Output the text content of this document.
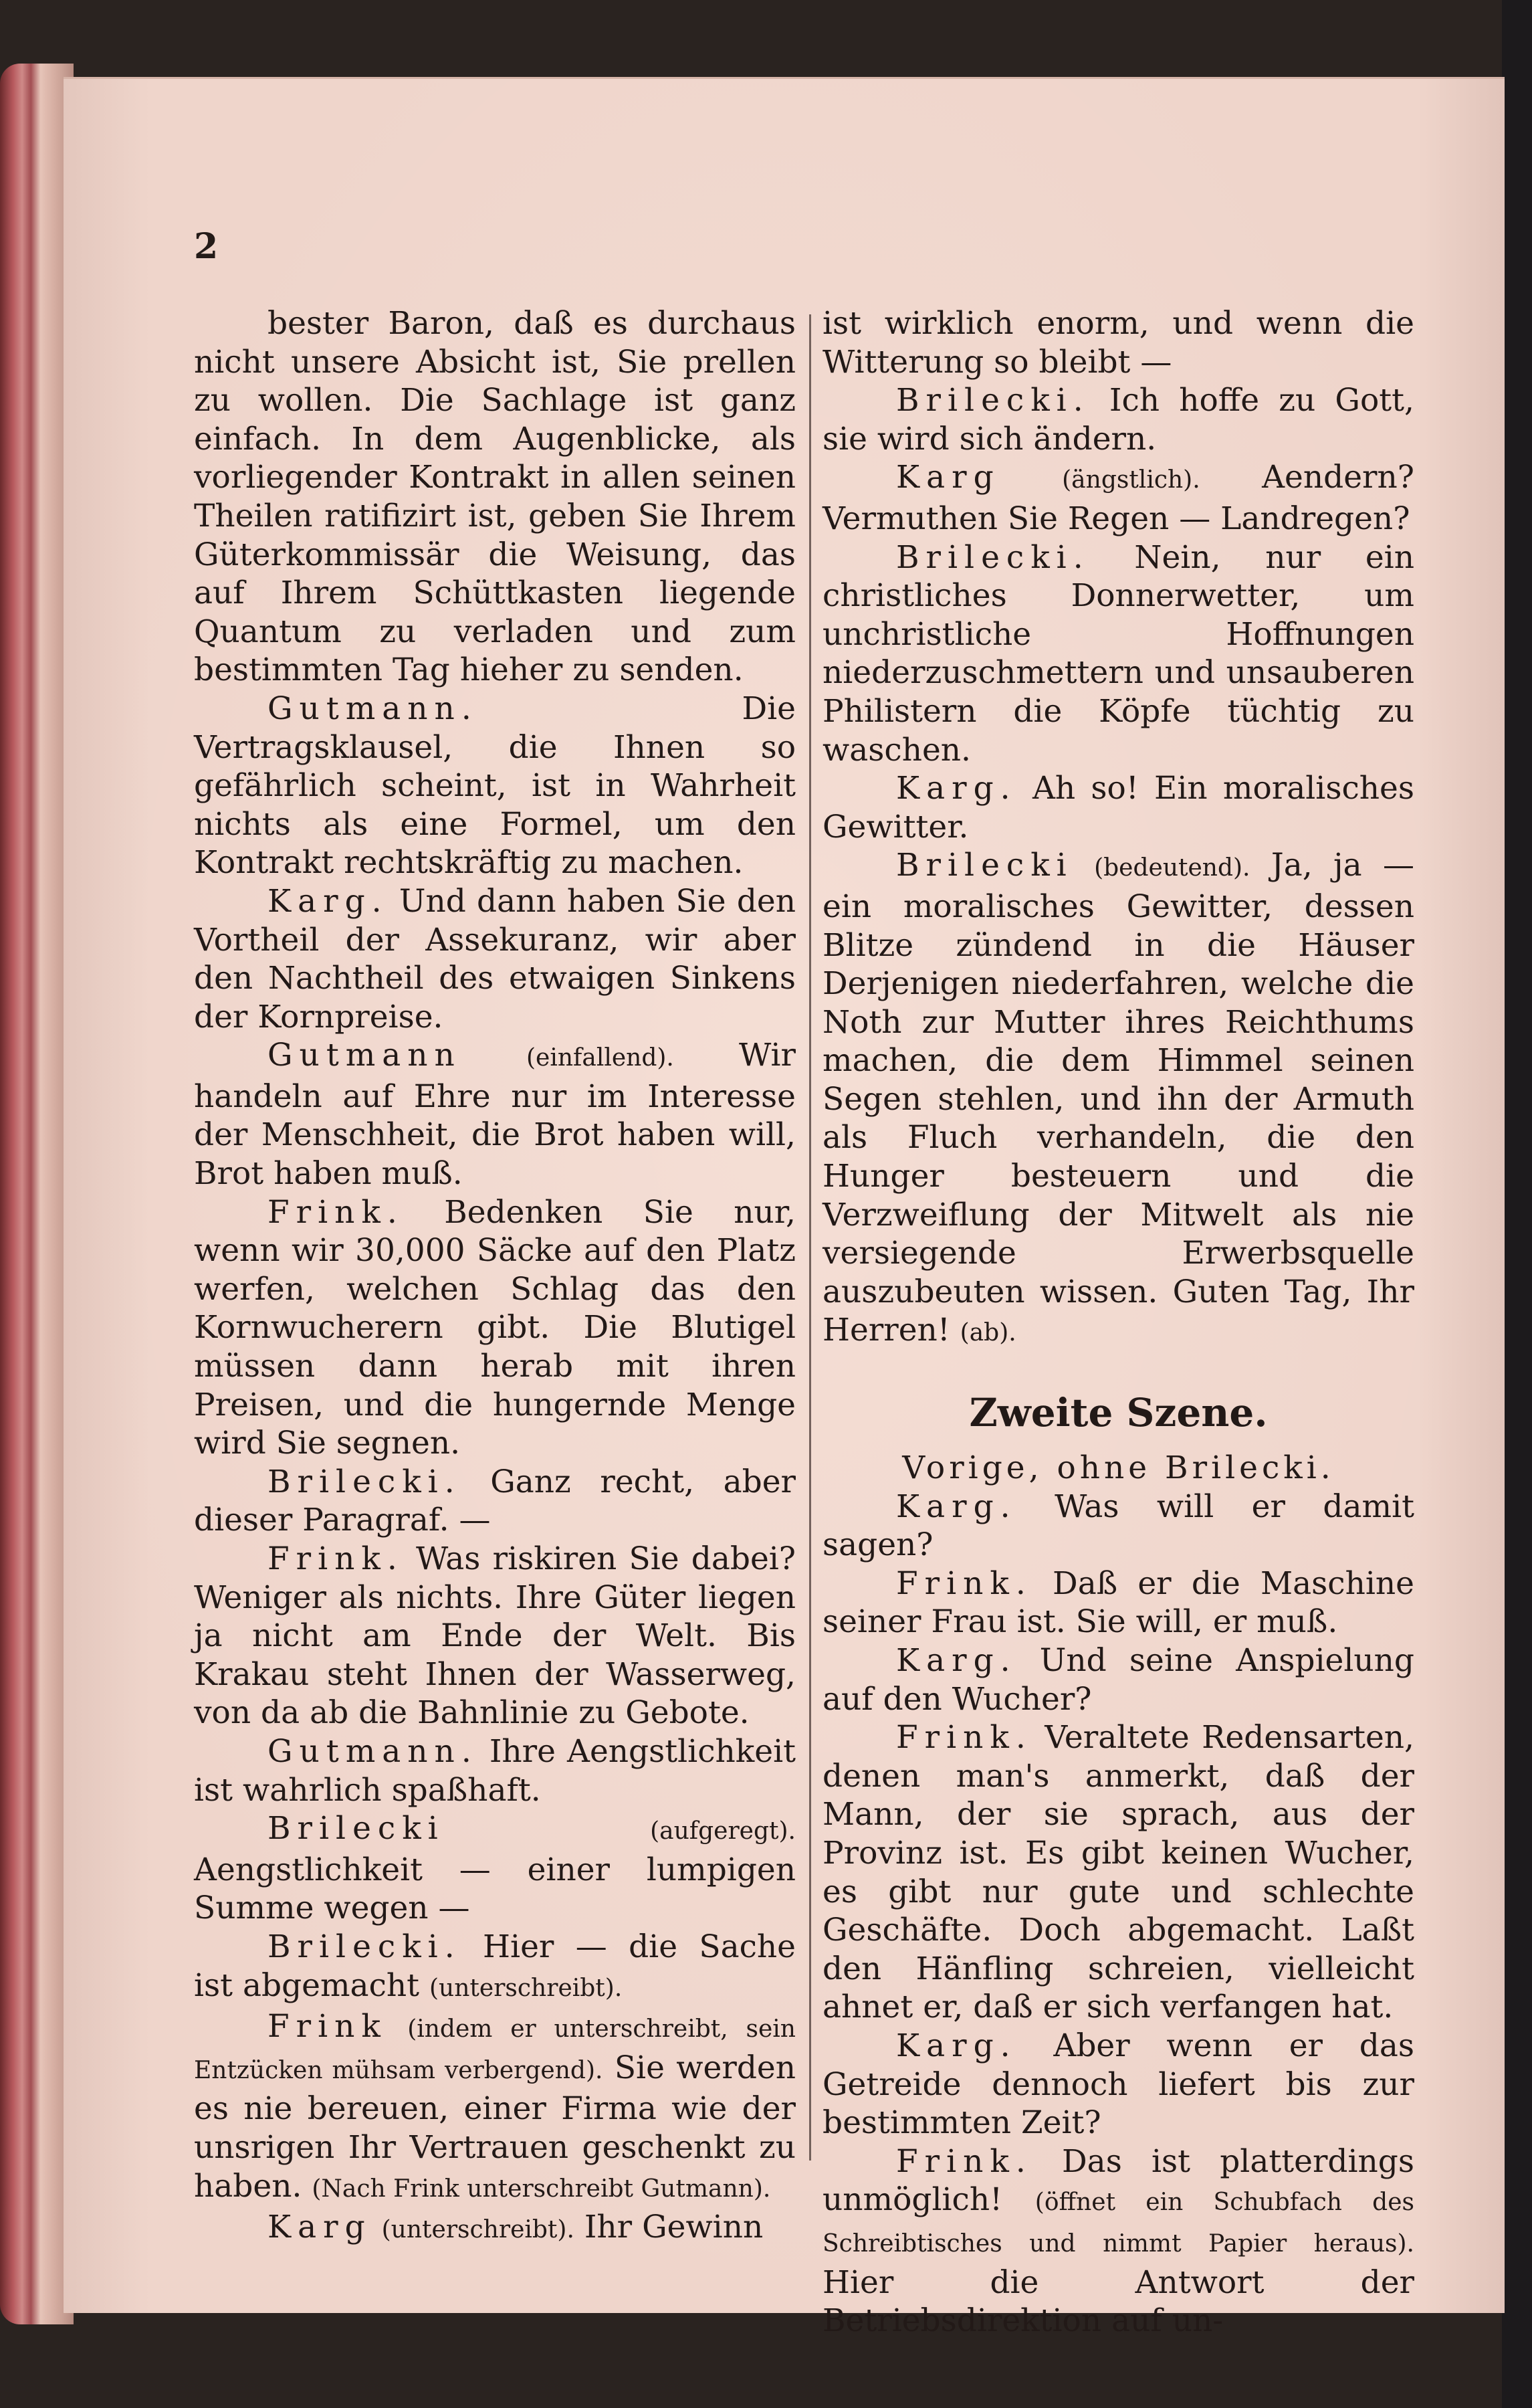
2

bester Baron, daß es durchaus nicht unsere Absicht ist, Sie prellen zu wollen. Die Sachlage ist ganz einfach. In dem Augenblicke, als vorliegender Kontrakt in allen seinen Theilen ratifizirt ist, geben Sie Ihrem Güterkommissär die Weisung, das auf Ihrem Schüttkasten liegende Quantum zu verladen und zum bestimmten Tag hieher zu senden.

Gutmann.	Die Vertragsklausel, die Ihnen so gefährlich scheint, ist in Wahrheit nichts als eine Formel, um den Kontrakt rechtskräftig zu machen.

Karg. Und dann haben Sie den Vortheil der Assekuranz, wir aber den Nachtheil des etwaigen Sinkens der Kornpreise.

Gutmann	(einfallend). Wir handeln auf Ehre nur im Interesse der Menschheit, die Brot haben will, Brot haben muß.

Frink. Bedenken Sie nur, wenn wir 30,000 Säcke auf den Platz werfen, welchen Schlag das den Kornwucherern gibt. Die Blutigel müssen dann herab mit ihren Preisen, und die hungernde Menge wird Sie segnen.

Brilecki. Ganz recht, aber dieser Paragraf. —

Frink. Was riskiren Sie dabei? Weniger als nichts. Ihre Güter liegen ja nicht am Ende der Welt. Bis Krakau steht Ihnen der Wasserweg, von da ab die Bahnlinie zu Gebote.

Gutmann. Ihre Aengstlichkeit ist wahrlich spaßhaft.

Brilecki	(aufgeregt). Aengstlichkeit — einer lumpigen Summe wegen —

Brilecki. Hier — die Sache ist abgemacht (unterschreibt).

Frink (indem er unterschreibt, sein Entzücken mühsam verbergend). Sie werden es nie bereuen, einer Firma wie der unsrigen Ihr Vertrauen geschenkt zu haben. (Nach Frink unterschreibt Gutmann).

Karg (unterschreibt). Ihr Gewinn

ist wirklich enorm, und wenn die Witterung so bleibt —

Brilecki. Ich hoffe zu Gott, sie wird sich ändern.

Karg	(ängstlich). Aendern? Vermuthen Sie Regen — Landregen?

Brilecki. Nein, nur ein christliches Donnerwetter, um unchristliche Hoffnungen niederzuschmettern und unsauberen Philistern die Köpfe tüchtig zu waschen.

Karg. Ah so! Ein moralisches Gewitter.

Brilecki (bedeutend). Ja, ja — ein moralisches Gewitter, dessen Blitze zündend in die Häuser Derjenigen niederfahren, welche die Noth zur Mutter ihres Reichthums machen, die dem Himmel seinen Segen stehlen, und ihn der Armuth als Fluch verhandeln, die den Hunger besteuern und die Verzweiflung der Mitwelt als nie versiegende Erwerbsquelle auszubeuten wissen. Guten Tag, Ihr Herren! (ab).

Zweite Szene.

Vorige, ohne Brilecki.

Karg. Was will er damit sagen?

Frink. Daß er die Maschine seiner Frau ist. Sie will, er muß.

Karg. Und seine Anspielung auf den Wucher?

Frink. Veraltete Redensarten, denen man's anmerkt, daß der Mann, der sie sprach, aus der Provinz ist. Es gibt keinen Wucher, es gibt nur gute und schlechte Geschäfte. Doch abgemacht. Laßt den Hänfling schreien, vielleicht ahnet er, daß er sich verfangen hat.

Karg. Aber wenn er das Getreide dennoch liefert bis zur bestimmten Zeit?

Frink. Das ist platterdings unmöglich! (öffnet ein Schubfach des Schreibtisches und nimmt Papier heraus). Hier die Antwort der Betriebsdirektion auf un-
